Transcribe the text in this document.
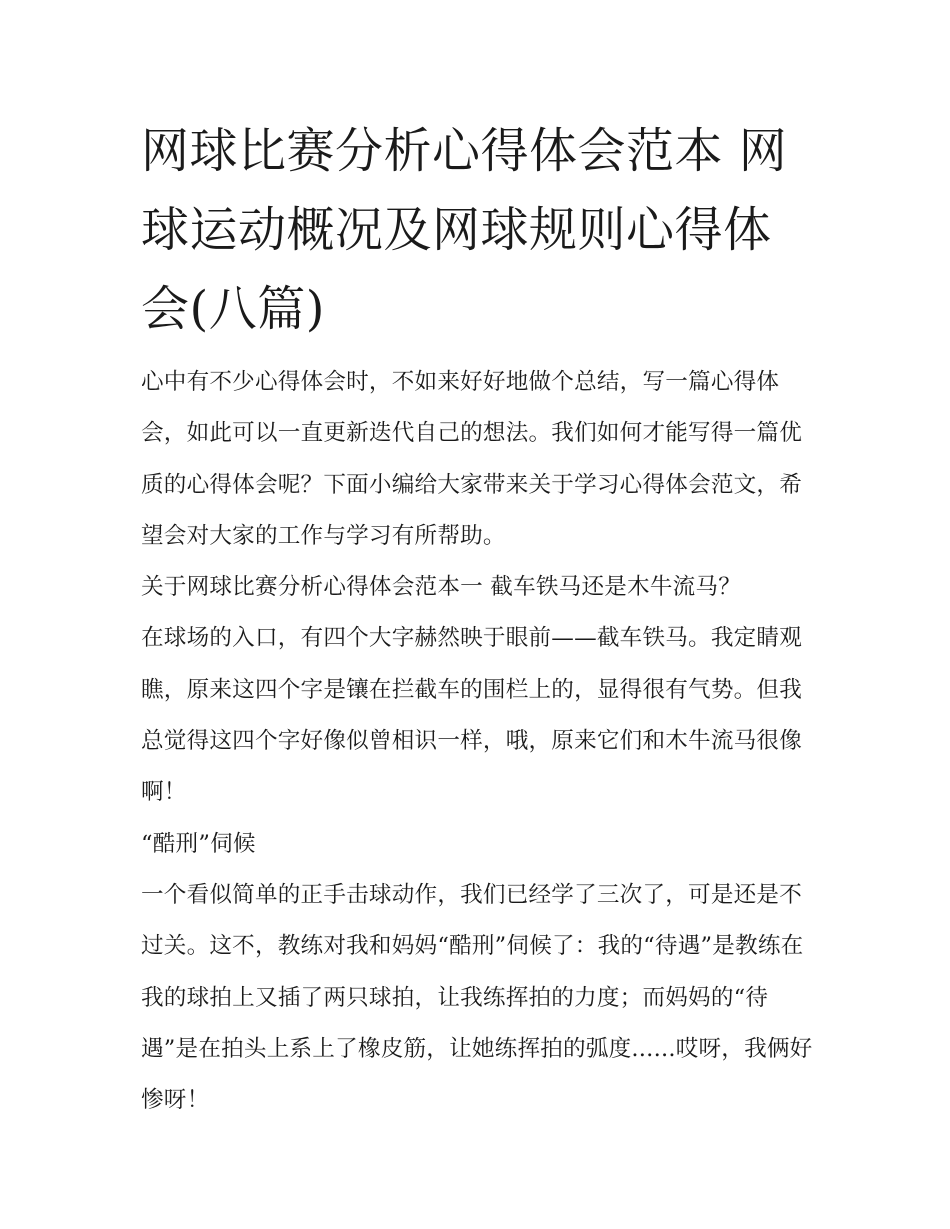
网球比赛分析心得体会范本 网球运动概况及网球规则心得体会(八篇)

心中有不少心得体会时，不如来好好地做个总结，写一篇心得体会，如此可以一直更新迭代自己的想法。我们如何才能写得一篇优质的心得体会呢？下面小编给大家带来关于学习心得体会范文，希望会对大家的工作与学习有所帮助。

关于网球比赛分析心得体会范本一 截车铁马还是木牛流马？

在球场的入口，有四个大字赫然映于眼前——截车铁马。我定睛观瞧，原来这四个字是镶在拦截车的围栏上的，显得很有气势。但我总觉得这四个字好像似曾相识一样，哦，原来它们和木牛流马很像啊！

“酷刑”伺候

一个看似简单的正手击球动作，我们已经学了三次了，可是还是不过关。这不，教练对我和妈妈“酷刑”伺候了：我的“待遇”是教练在我的球拍上又插了两只球拍，让我练挥拍的力度；而妈妈的“待遇”是在拍头上系上了橡皮筋，让她练挥拍的弧度......哎呀，我俩好惨呀！
